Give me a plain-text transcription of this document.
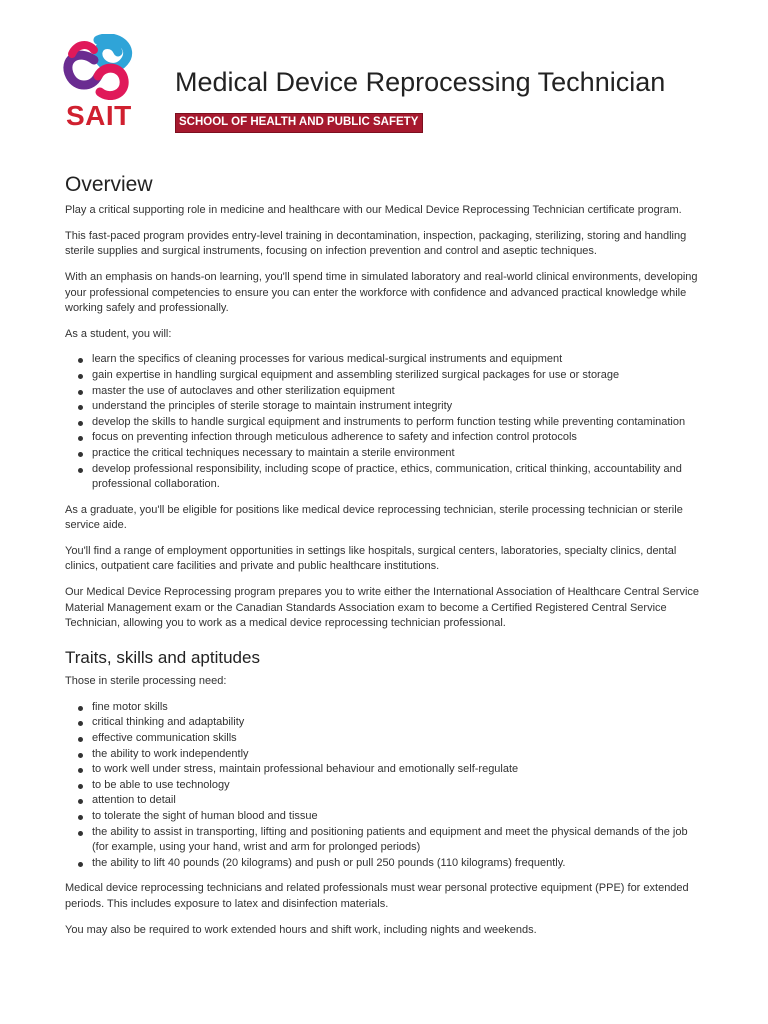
SAIT
Medical Device Reprocessing Technician
SCHOOL OF HEALTH AND PUBLIC SAFETY
Overview

Play a critical supporting role in medicine and healthcare with our Medical Device Reprocessing Technician certificate program.

This fast-paced program provides entry-level training in decontamination, inspection, packaging, sterilizing, storing and handling sterile supplies and surgical instruments, focusing on infection prevention and control and aseptic techniques.

With an emphasis on hands-on learning, you'll spend time in simulated laboratory and real-world clinical environments, developing your professional competencies to ensure you can enter the workforce with confidence and advanced practical knowledge while working safely and professionally.

As a student, you will:

learn the specifics of cleaning processes for various medical-surgical instruments and equipment
gain expertise in handling surgical equipment and assembling sterilized surgical packages for use or storage
master the use of autoclaves and other sterilization equipment
understand the principles of sterile storage to maintain instrument integrity
develop the skills to handle surgical equipment and instruments to perform function testing while preventing contamination
focus on preventing infection through meticulous adherence to safety and infection control protocols
practice the critical techniques necessary to maintain a sterile environment
develop professional responsibility, including scope of practice, ethics, communication, critical thinking, accountability and professional collaboration.

As a graduate, you'll be eligible for positions like medical device reprocessing technician, sterile processing technician or sterile service aide.

You'll find a range of employment opportunities in settings like hospitals, surgical centers, laboratories, specialty clinics, dental clinics, outpatient care facilities and private and public healthcare institutions.

Our Medical Device Reprocessing program prepares you to write either the International Association of Healthcare Central Service Material Management exam or the Canadian Standards Association exam to become a Certified Registered Central Service Technician, allowing you to work as a medical device reprocessing technician professional.

Traits, skills and aptitudes

Those in sterile processing need:

fine motor skills
critical thinking and adaptability
effective communication skills
the ability to work independently
to work well under stress, maintain professional behaviour and emotionally self-regulate
to be able to use technology
attention to detail
to tolerate the sight of human blood and tissue
the ability to assist in transporting, lifting and positioning patients and equipment and meet the physical demands of the job (for example, using your hand, wrist and arm for prolonged periods)
the ability to lift 40 pounds (20 kilograms) and push or pull 250 pounds (110 kilograms) frequently.

Medical device reprocessing technicians and related professionals must wear personal protective equipment (PPE) for extended periods. This includes exposure to latex and disinfection materials.

You may also be required to work extended hours and shift work, including nights and weekends.
